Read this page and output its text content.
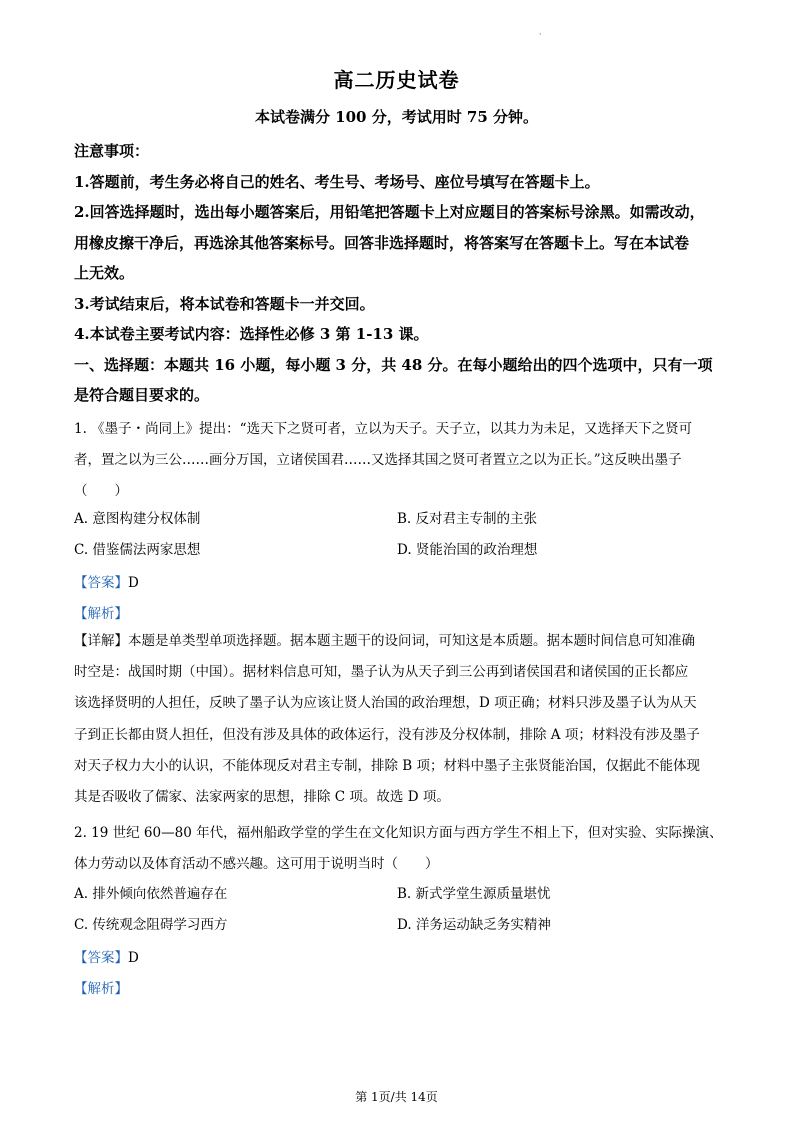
·
高二历史试卷
本试卷满分 100 分，考试用时 75 分钟。

注意事项：

1.答题前，考生务必将自己的姓名、考生号、考场号、座位号填写在答题卡上。

2.回答选择题时，选出每小题答案后，用铅笔把答题卡上对应题目的答案标号涂黑。如需改动，

用橡皮擦干净后，再选涂其他答案标号。回答非选择题时，将答案写在答题卡上。写在本试卷

上无效。

3.考试结束后，将本试卷和答题卡一并交回。

4.本试卷主要考试内容：选择性必修 3 第 1-13 课。

一、选择题：本题共 16 小题，每小题 3 分，共 48 分。在每小题给出的四个选项中，只有一项

是符合题目要求的。

1. 《墨子・尚同上》提出：“选天下之贤可者，立以为天子。天子立，以其力为未足，又选择天下之贤可

者，置之以为三公……画分万国，立诸侯国君……又选择其国之贤可者置立之以为正长。”这反映出墨子

（　　）

A. 意图构建分权体制	B. 反对君主专制的主张
C. 借鉴儒法两家思想	D. 贤能治国的政治理想
【答案】D
【解析】
【详解】本题是单类型单项选择题。据本题主题干的设问词，可知这是本质题。据本题时间信息可知准确
时空是：战国时期（中国）。据材料信息可知，墨子认为从天子到三公再到诸侯国君和诸侯国的正长都应
该选择贤明的人担任，反映了墨子认为应该让贤人治国的政治理想，D 项正确；材料只涉及墨子认为从天
子到正长都由贤人担任，但没有涉及具体的政体运行，没有涉及分权体制，排除 A 项；材料没有涉及墨子
对天子权力大小的认识，不能体现反对君主专制，排除 B 项；材料中墨子主张贤能治国，仅据此不能体现
其是否吸收了儒家、法家两家的思想，排除 C 项。故选 D 项。

2. 19 世纪 60—80 年代，福州船政学堂的学生在文化知识方面与西方学生不相上下，但对实验、实际操演、

体力劳动以及体育活动不感兴趣。这可用于说明当时（　　）

A. 排外倾向依然普遍存在	B. 新式学堂生源质量堪忧
C. 传统观念阻碍学习西方	D. 洋务运动缺乏务实精神
【答案】D
【解析】
第 1页/共 14页
